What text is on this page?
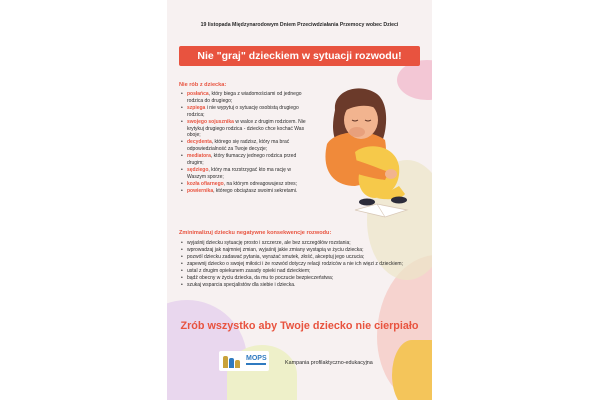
19 listopada Międzynarodowym Dniem Przeciwdziałania Przemocy wobec Dzieci
Nie "graj" dzieckiem w sytuacji rozwodu!
Nie rób z dziecka:
• posłańca, który biega z wiadomościami od jednego rodzica do drugiego;
• szpiega i nie wypytuj o sytuację osobistą drugiego rodzica;
• swojego sojusznika w walce z drugim rodzicem. Nie krytykuj drugiego rodzica - dziecko chce kochać Was oboje;
• decydenta, którego się radzisz, który ma brać odpowiedzialność za Twoje decyzje;
• mediatora, który tłumaczy jednego rodzica przed drugim;
• sędziego, który ma rozstrzygać kto ma rację w Waszym sporze;
• kozła ofiarnego, na którym odreagowujesz stres;
• powiernika, którego obciążasz swoimi sekretami.
Zminimalizuj dziecku negatywne konsekwencje rozwodu:
• wyjaśnij dziecku sytuację prosto i szczerze, ale bez szczegółów rozstania;
• wprowadzaj jak najmniej zmian, wyjaśnij jakie zmiany wystąpią w życiu dziecka;
• pozwól dziecku zadawać pytania, wyrażać smutek, złość, akceptuj jego uczucia;
• zapewnij dziecko o swojej miłości i że rozwód dotyczy relacji rodziców a nie ich więzi z dzieckiem;
• ustal z drugim opiekunem zasady opieki nad dzieckiem;
• bądź obecny w życiu dziecka, da mu to poczucie bezpieczeństwa;
• szukaj wsparcia specjalistów dla siebie i dziecka.
Zrób wszystko aby Twoje dziecko nie cierpiało
MOPS
Kampania profilaktyczno-edukacyjna
